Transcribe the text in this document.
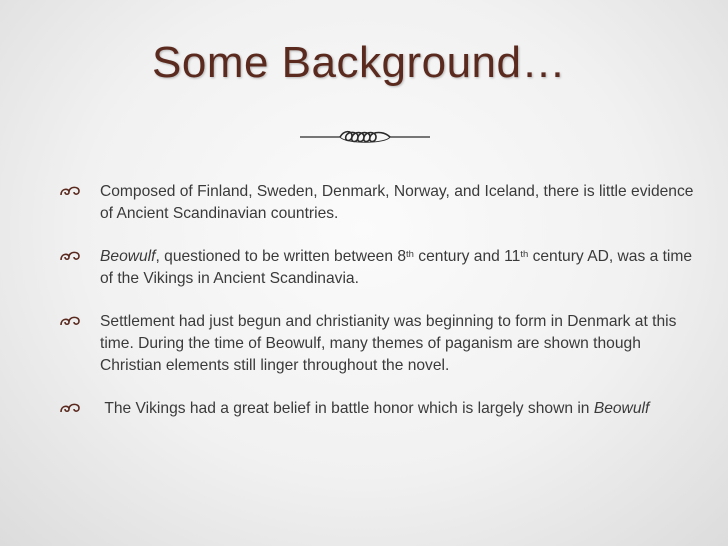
Some Background…

Composed of Finland, Sweden, Denmark, Norway, and Iceland, there is little evidence of Ancient Scandinavian countries.

Beowulf, questioned to be written between 8th century and 11th century AD, was a time of the Vikings in Ancient Scandinavia.

Settlement had just begun and christianity was beginning to form in Denmark at this time. During the time of Beowulf, many themes of paganism are shown though Christian elements still linger throughout the novel.

The Vikings had a great belief in battle honor which is largely shown in Beowulf
